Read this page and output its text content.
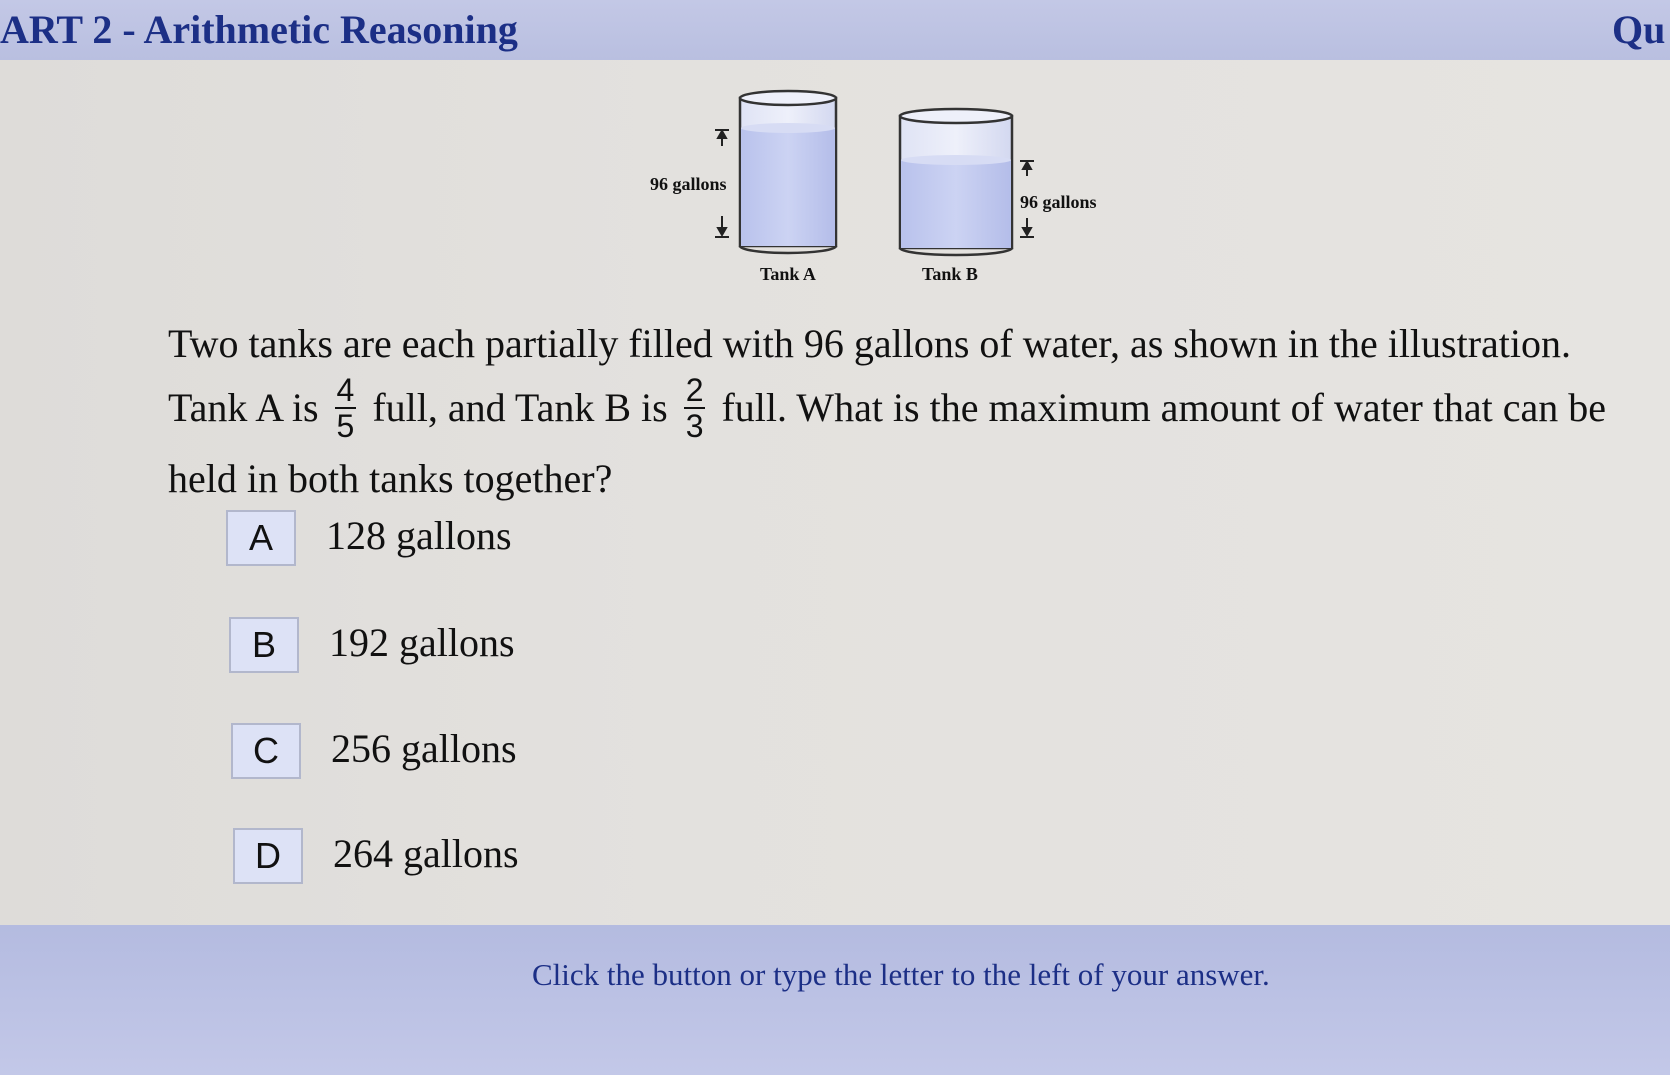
ART 2 - Arithmetic Reasoning	Qu
96 gallons
Tank A
96 gallons
Tank B
Two tanks are each partially filled with 96 gallons of water, as shown in the illustration. Tank A is $\frac{4}{5}$ full, and Tank B is $\frac{2}{3}$ full. What is the maximum amount of water that can be held in both tanks together?
A	128 gallons
B	192 gallons
C	256 gallons
D	264 gallons
Click the button or type the letter to the left of your answer.
